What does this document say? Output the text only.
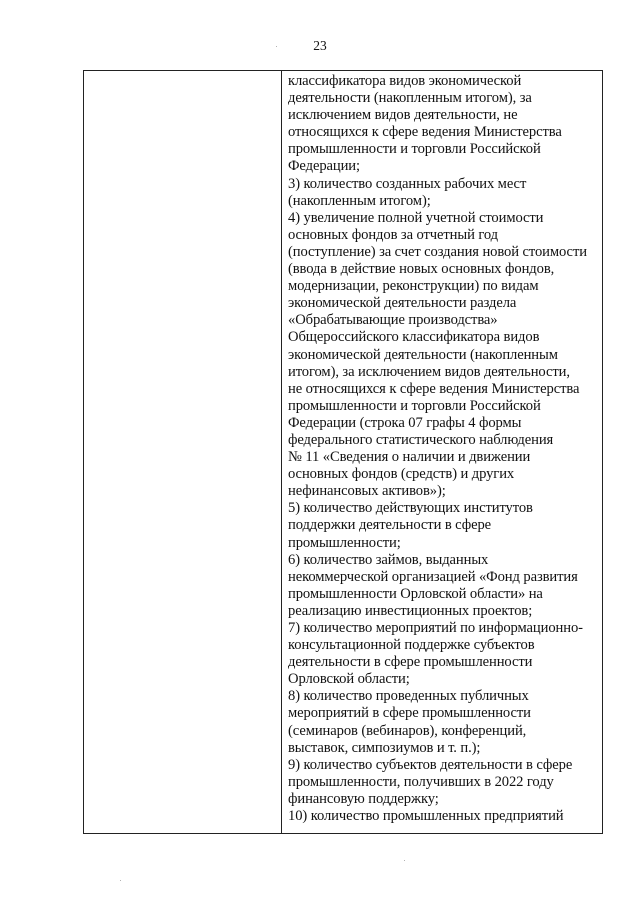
23
классификатора видов экономической
деятельности (накопленным итогом), за
исключением видов деятельности, не
относящихся к сфере ведения Министерства
промышленности и торговли Российской
Федерации;
3) количество созданных рабочих мест
(накопленным итогом);
4) увеличение полной учетной стоимости
основных фондов за отчетный год
(поступление) за счет создания новой стоимости
(ввода в действие новых основных фондов,
модернизации, реконструкции) по видам
экономической деятельности раздела
«Обрабатывающие производства»
Общероссийского классификатора видов
экономической деятельности (накопленным
итогом), за исключением видов деятельности,
не относящихся к сфере ведения Министерства
промышленности и торговли Российской
Федерации (строка 07 графы 4 формы
федерального статистического наблюдения
№ 11 «Сведения о наличии и движении
основных фондов (средств) и других
нефинансовых активов»);
5) количество действующих институтов
поддержки деятельности в сфере
промышленности;
6) количество займов, выданных
некоммерческой организацией «Фонд развития
промышленности Орловской области» на
реализацию инвестиционных проектов;
7) количество мероприятий по информационно-
консультационной поддержке субъектов
деятельности в сфере промышленности
Орловской области;
8) количество проведенных публичных
мероприятий в сфере промышленности
(семинаров (вебинаров), конференций,
выставок, симпозиумов и т. п.);
9) количество субъектов деятельности в сфере
промышленности, получивших в 2022 году
финансовую поддержку;
10) количество промышленных предприятий
